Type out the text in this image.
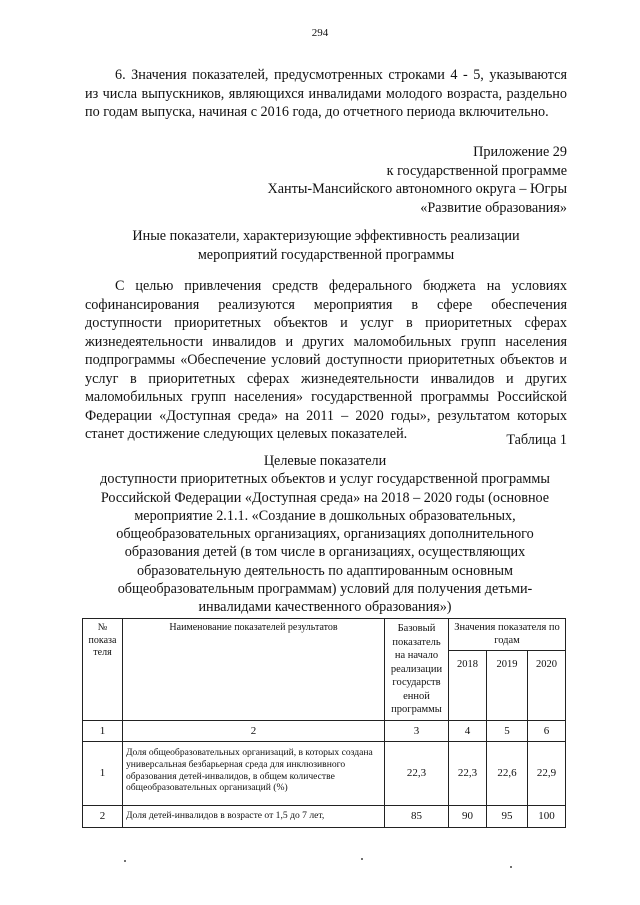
294
6. Значения показателей, предусмотренных строками 4 - 5, указываются из числа выпускников, являющихся инвалидами молодого возраста, раздельно по годам выпуска, начиная с 2016 года, до отчетного периода включительно.
Приложение 29
к государственной программе
Ханты-Мансийского автономного округа – Югры
«Развитие образования»
Иные показатели, характеризующие эффективность реализации
мероприятий государственной программы
С целью привлечения средств федерального бюджета на условиях софинансирования реализуются мероприятия в сфере обеспечения доступности приоритетных объектов и услуг в приоритетных сферах жизнедеятельности инвалидов и других маломобильных групп населения подпрограммы «Обеспечение условий доступности приоритетных объектов и услуг в приоритетных сферах жизнедеятельности инвалидов и других маломобильных групп населения» государственной программы Российской Федерации «Доступная среда» на 2011 – 2020 годы», результатом которых станет достижение следующих целевых показателей.	Таблица 1
Целевые показатели
доступности приоритетных объектов и услуг государственной программы
Российской Федерации «Доступная среда» на 2018 – 2020 годы (основное
мероприятие 2.1.1. «Создание в дошкольных образовательных,
общеобразовательных организациях, организациях дополнительного
образования детей (в том числе в организациях, осуществляющих
образовательную деятельность по адаптированным основным
общеобразовательным программам) условий для получения детьми-
инвалидами качественного образования»)
№ показа теля	Наименование показателей результатов	Базовый показатель на начало реализации государств енной программы	Значения показателя по годам		
			2018	2019	2020
1	2	3	4	5	6
1	Доля общеобразовательных организаций, в которых создана универсальная безбарьерная среда для инклюзивного образования детей-инвалидов, в общем количестве общеобразовательных организаций (%)	22,3	22,3	22,6	22,9
2	Доля детей-инвалидов в возрасте от 1,5 до 7 лет,	85	90	95	100
